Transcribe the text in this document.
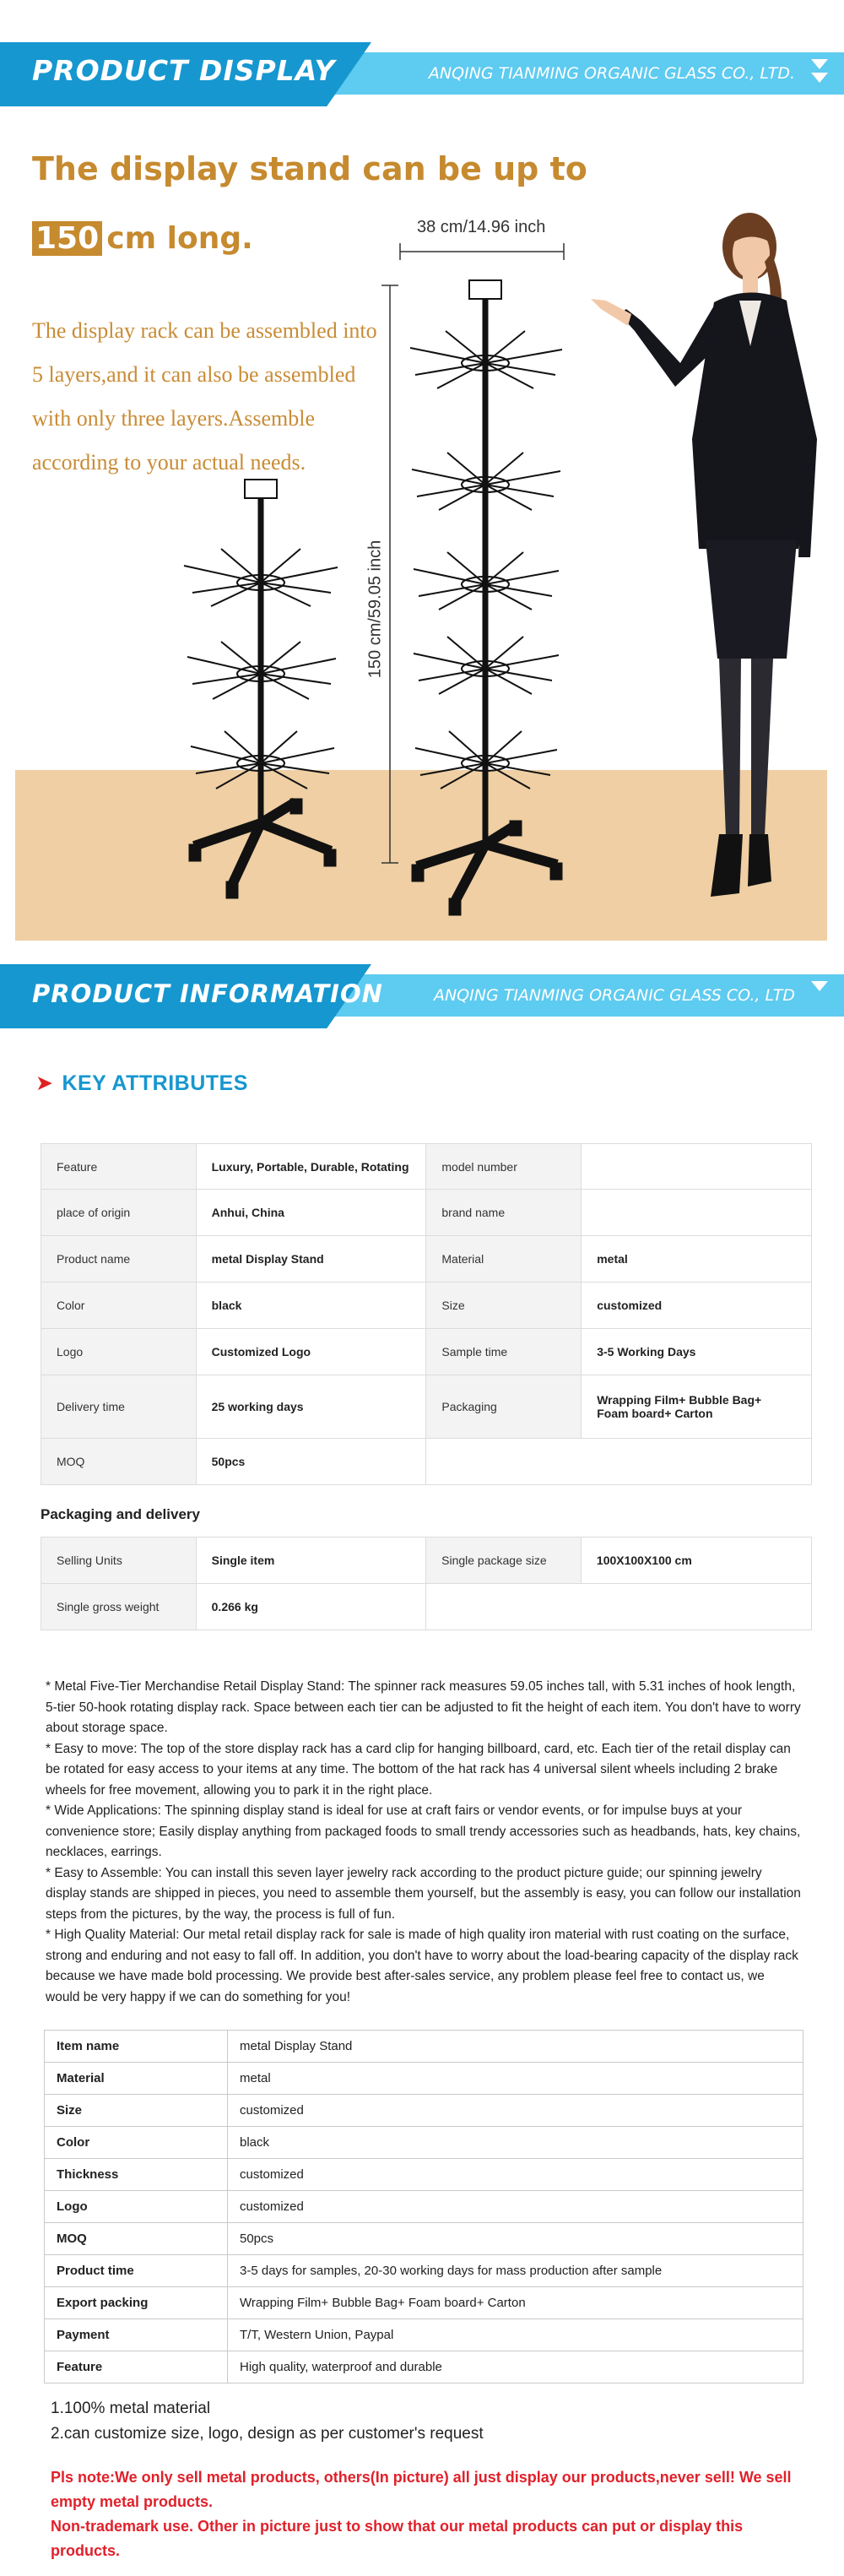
PRODUCT DISPLAY	ANQING TIANMING ORGANIC GLASS CO., LTD.
The display stand can be up to
150 cm long.
The display rack can be assembled into 5 layers,and it can also be assembled with only three layers.Assemble according to your actual needs.
38 cm/14.96 inch
150 cm/59.05 inch
PRODUCT INFORMATION	ANQING TIANMING ORGANIC GLASS CO., LTD
➤ KEY ATTRIBUTES
Feature	Luxury, Portable, Durable, Rotating	model number	
place of origin	Anhui, China	brand name	
Product name	metal Display Stand	Material	metal
Color	black	Size	customized
Logo	Customized Logo	Sample time	3-5 Working Days
Delivery time	25 working days	Packaging	Wrapping Film+ Bubble Bag+ Foam board+ Carton
MOQ	50pcs		
Packaging and delivery
Selling Units	Single item	Single package size	100X100X100 cm
Single gross weight	0.266 kg		

* Metal Five-Tier Merchandise Retail Display Stand: The spinner rack measures 59.05 inches tall, with 5.31 inches of hook length, 5-tier 50-hook rotating display rack. Space between each tier can be adjusted to fit the height of each item. You don't have to worry about storage space.

* Easy to move: The top of the store display rack has a card clip for hanging billboard, card, etc. Each tier of the retail display can be rotated for easy access to your items at any time. The bottom of the hat rack has 4 universal silent wheels including 2 brake wheels for free movement, allowing you to park it in the right place.

* Wide Applications: The spinning display stand is ideal for use at craft fairs or vendor events, or for impulse buys at your convenience store; Easily display anything from packaged foods to small trendy accessories such as headbands, hats, key chains, necklaces, earrings.

* Easy to Assemble: You can install this seven layer jewelry rack according to the product picture guide; our spinning jewelry display stands are shipped in pieces, you need to assemble them yourself, but the assembly is easy, you can follow our installation steps from the pictures, by the way, the process is full of fun.

* High Quality Material: Our metal retail display rack for sale is made of high quality iron material with rust coating on the surface, strong and enduring and not easy to fall off. In addition, you don't have to worry about the load-bearing capacity of the display rack because we have made bold processing. We provide best after-sales service, any problem please feel free to contact us, we would be very happy if we can do something for you!

Item name	metal Display Stand
Material	metal
Size	customized
Color	black
Thickness	customized
Logo	customized
MOQ	50pcs
Product time	3-5 days for samples, 20-30 working days for mass production after sample
Export packing	Wrapping Film+ Bubble Bag+ Foam board+ Carton
Payment	T/T, Western Union, Paypal
Feature	High quality, waterproof and durable

1.100% metal material

2.can customize size, logo, design as per customer's request

Pls note:We only sell metal products, others(In picture) all just display our products,never sell! We sell empty metal products.

Non-trademark use. Other in picture just to show that our metal products can put or display this products.
